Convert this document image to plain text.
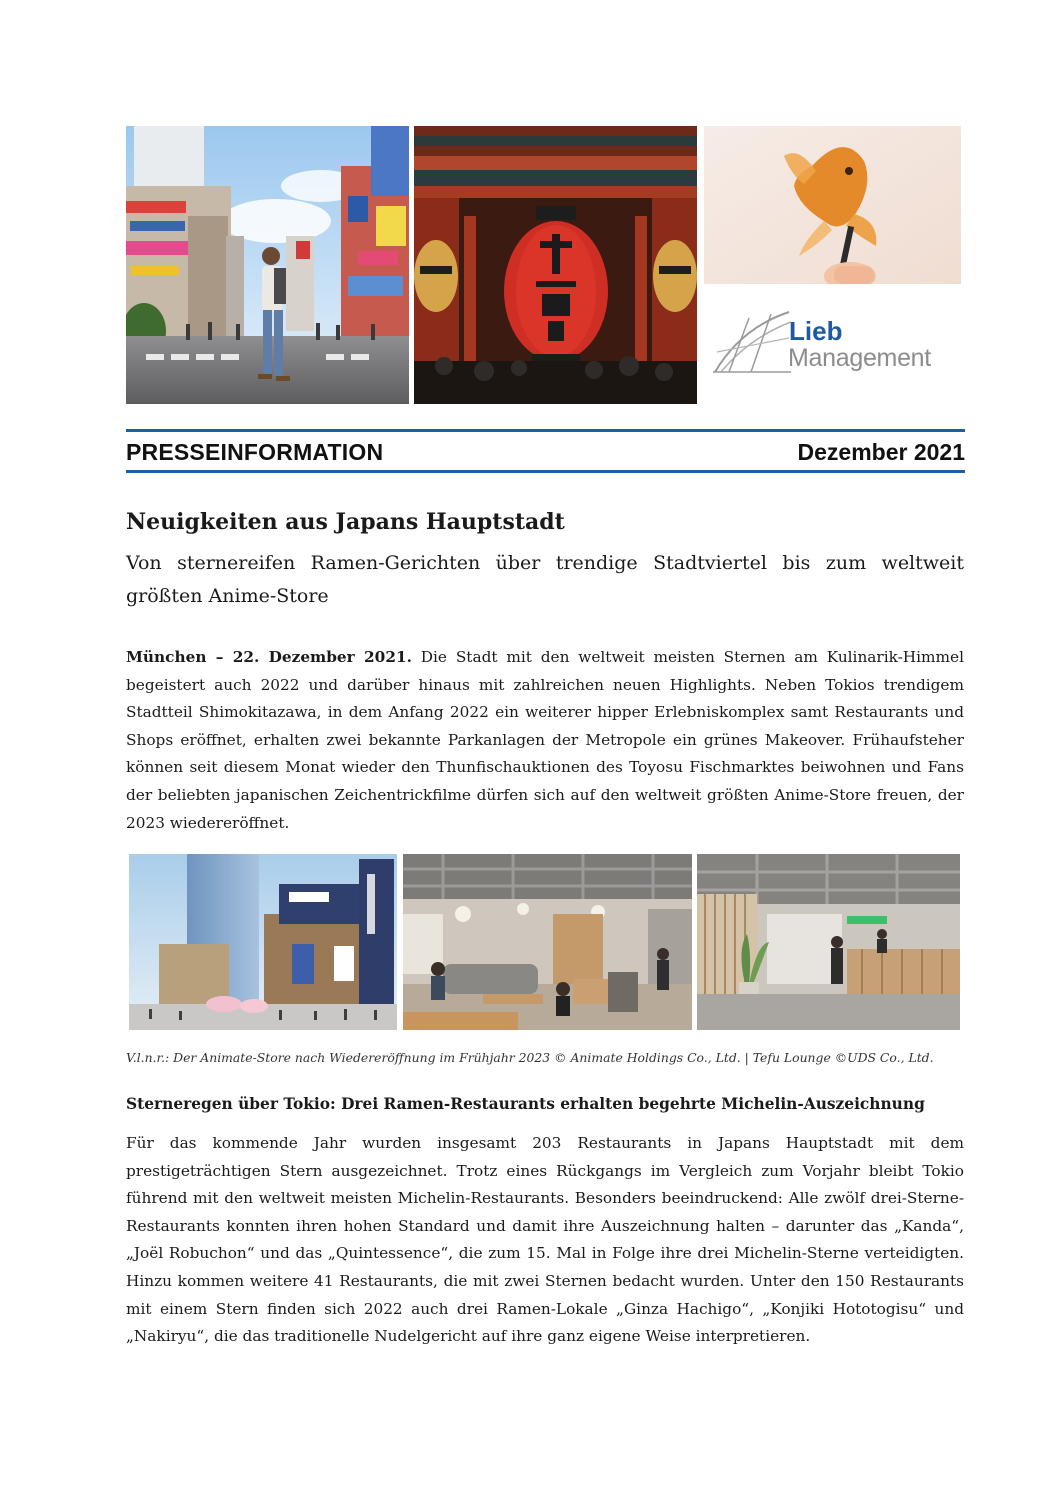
Lieb
Management
PRESSEINFORMATION	Dezember 2021
Neuigkeiten aus Japans Hauptstadt
Von sternereifen Ramen-Gerichten über trendige Stadtviertel bis zum weltweit größten Anime-Store
München – 22. Dezember 2021. Die Stadt mit den weltweit meisten Sternen am Kulinarik-Himmel begeistert auch 2022 und darüber hinaus mit zahlreichen neuen Highlights. Neben Tokios trendigem Stadtteil Shimokitazawa, in dem Anfang 2022 ein weiterer hipper Erlebniskomplex samt Restaurants und Shops eröffnet, erhalten zwei bekannte Parkanlagen der Metropole ein grünes Makeover. Frühaufsteher können seit diesem Monat wieder den Thunfischauktionen des Toyosu Fischmarktes beiwohnen und Fans der beliebten japanischen Zeichentrickfilme dürfen sich auf den weltweit größten Anime-Store freuen, der 2023 wiedereröffnet.
V.l.n.r.: Der Animate-Store nach Wiedereröffnung im Frühjahr 2023 © Animate Holdings Co., Ltd. | Tefu Lounge ©UDS Co., Ltd.
Sterneregen über Tokio: Drei Ramen-Restaurants erhalten begehrte Michelin-Auszeichnung
Für das kommende Jahr wurden insgesamt 203 Restaurants in Japans Hauptstadt mit dem prestigeträchtigen Stern ausgezeichnet. Trotz eines Rückgangs im Vergleich zum Vorjahr bleibt Tokio führend mit den weltweit meisten Michelin-Restaurants. Besonders beeindruckend: Alle zwölf drei-Sterne-Restaurants konnten ihren hohen Standard und damit ihre Auszeichnung halten – darunter das „Kanda“, „Joël Robuchon“ und das „Quintessence“, die zum 15. Mal in Folge ihre drei Michelin-Sterne verteidigten. Hinzu kommen weitere 41 Restaurants, die mit zwei Sternen bedacht wurden. Unter den 150 Restaurants mit einem Stern finden sich 2022 auch drei Ramen-Lokale „Ginza Hachigo“, „Konjiki Hototogisu“ und „Nakiryu“, die das traditionelle Nudelgericht auf ihre ganz eigene Weise interpretieren.
